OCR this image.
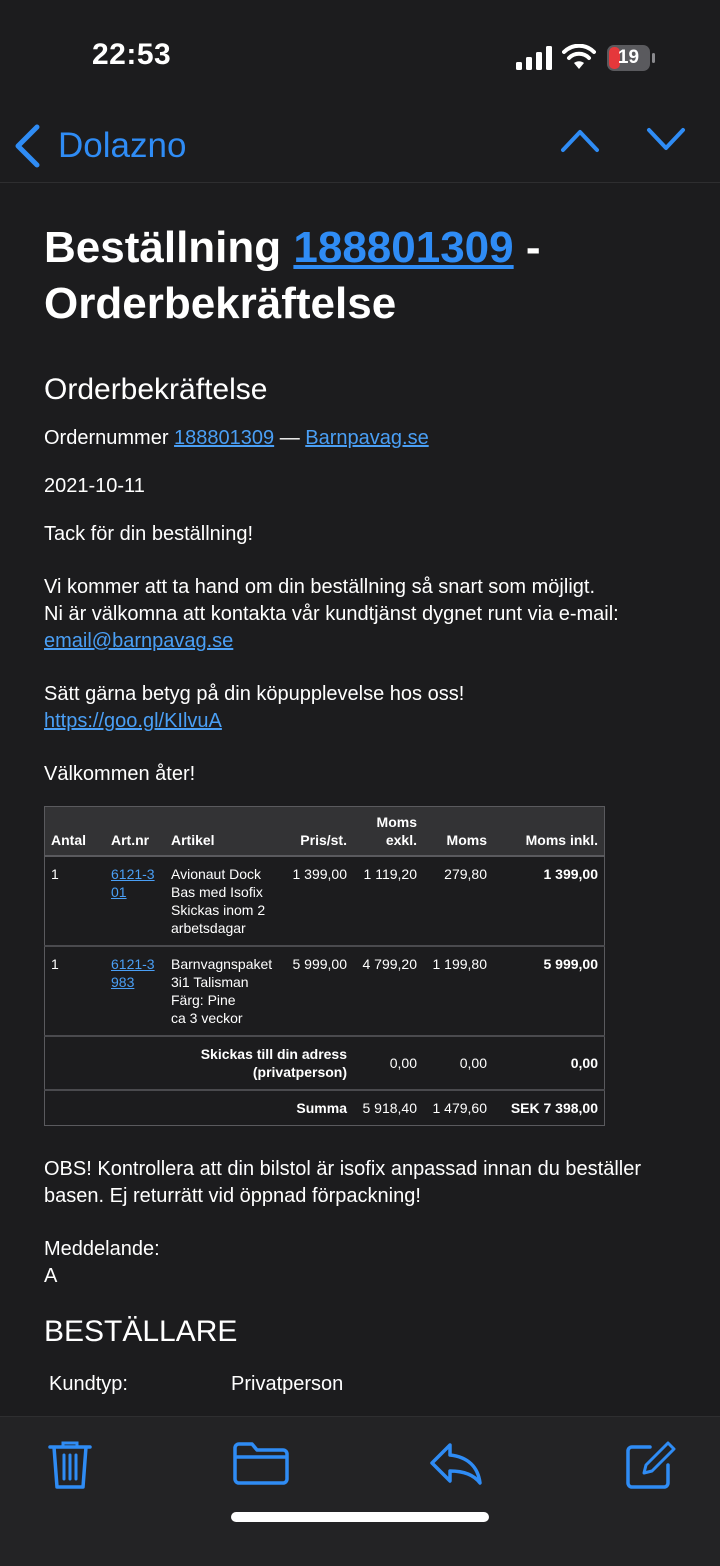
22:53	19
Dolazno
Beställning 188801309 -
Orderbekräftelse
Orderbekräftelse

Ordernummer 188801309 — Barnpavag.se

2021-10-11

Tack för din beställning!

Vi kommer att ta hand om din beställning så snart som möjligt.
Ni är välkomna att kontakta vår kundtjänst dygnet runt via e-mail:
email@barnpavag.se

Sätt gärna betyg på din köpupplevelse hos oss!
https://goo.gl/KIlvuA

Välkommen åter!

Antal	Art.nr	Artikel	Pris/st.	Moms exkl.	Moms	Moms inkl.
1	6121-301	Avionaut Dock
Bas med Isofix
Skickas inom 2
arbetsdagar	1 399,00	1 119,20	279,80	1 399,00
1	6121-3983	Barnvagnspaket
3i1 Talisman
Färg: Pine
ca 3 veckor	5 999,00	4 799,20	1 199,80	5 999,00
Skickas till din adress (privatperson)				0,00	0,00	0,00
Summa				5 918,40	1 479,60	SEK 7 398,00

OBS! Kontrollera att din bilstol är isofix anpassad innan du beställer basen. Ej returrätt vid öppnad förpackning!

Meddelande:
A

BESTÄLLARE
Kundtyp:	Privatperson
